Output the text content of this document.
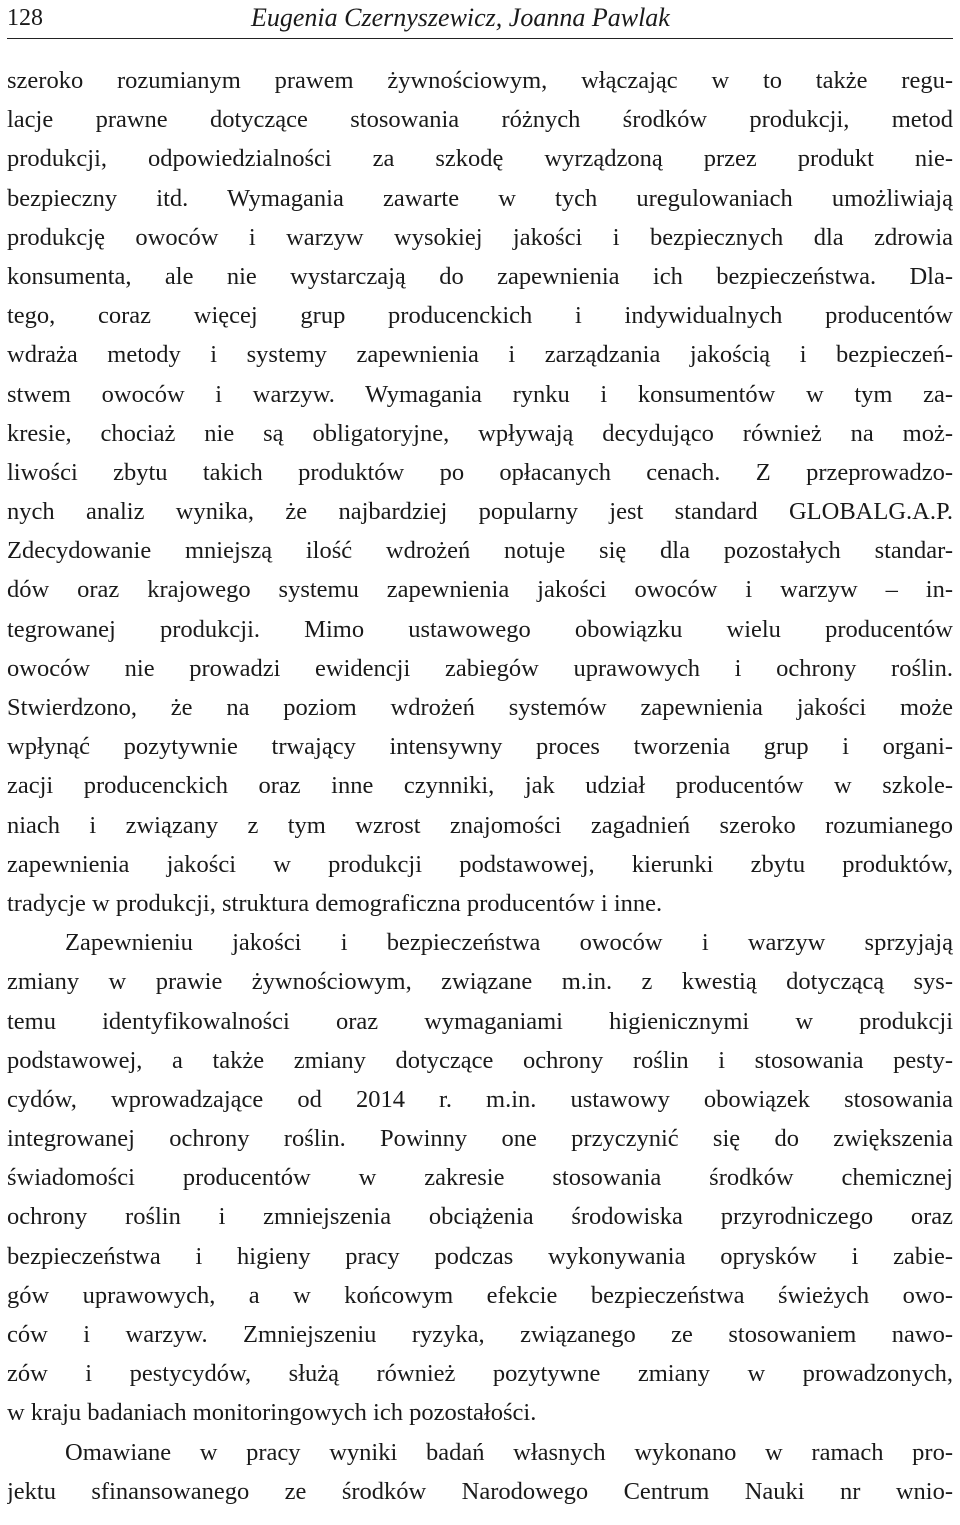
128	Eugenia Czernyszewicz, Joanna Pawlak
szeroko rozumianym prawem żywnościowym, włączając w to także regu-
lacje prawne dotyczące stosowania różnych środków produkcji, metod
produkcji, odpowiedzialności za szkodę wyrządzoną przez produkt nie-
bezpieczny itd. Wymagania zawarte w tych uregulowaniach umożliwiają
produkcję owoców i warzyw wysokiej jakości i bezpiecznych dla zdrowia
konsumenta, ale nie wystarczają do zapewnienia ich bezpieczeństwa. Dla-
tego, coraz więcej grup producenckich i indywidualnych producentów
wdraża metody i systemy zapewnienia i zarządzania jakością i bezpieczeń-
stwem owoców i warzyw. Wymagania rynku i konsumentów w tym za-
kresie, chociaż nie są obligatoryjne, wpływają decydująco również na moż-
liwości zbytu takich produktów po opłacanych cenach. Z przeprowadzo-
nych analiz wynika, że najbardziej popularny jest standard GLOBALG.A.P.
Zdecydowanie mniejszą ilość wdrożeń notuje się dla pozostałych standar-
dów oraz krajowego systemu zapewnienia jakości owoców i warzyw – in-
tegrowanej produkcji. Mimo ustawowego obowiązku wielu producentów
owoców nie prowadzi ewidencji zabiegów uprawowych i ochrony roślin.
Stwierdzono, że na poziom wdrożeń systemów zapewnienia jakości może
wpłynąć pozytywnie trwający intensywny proces tworzenia grup i organi-
zacji producenckich oraz inne czynniki, jak udział producentów w szkole-
niach i związany z tym wzrost znajomości zagadnień szeroko rozumianego
zapewnienia jakości w produkcji podstawowej, kierunki zbytu produktów,
tradycje w produkcji, struktura demograficzna producentów i inne.
Zapewnieniu jakości i bezpieczeństwa owoców i warzyw sprzyjają
zmiany w prawie żywnościowym, związane m.in. z kwestią dotyczącą sys-
temu identyfikowalności oraz wymaganiami higienicznymi w produkcji
podstawowej, a także zmiany dotyczące ochrony roślin i stosowania pesty-
cydów, wprowadzające od 2014 r. m.in. ustawowy obowiązek stosowania
integrowanej ochrony roślin. Powinny one przyczynić się do zwiększenia
świadomości producentów w zakresie stosowania środków chemicznej
ochrony roślin i zmniejszenia obciążenia środowiska przyrodniczego oraz
bezpieczeństwa i higieny pracy podczas wykonywania oprysków i zabie-
gów uprawowych, a w końcowym efekcie bezpieczeństwa świeżych owo-
ców i warzyw. Zmniejszeniu ryzyka, związanego ze stosowaniem nawo-
zów i pestycydów, służą również pozytywne zmiany w prowadzonych,
w kraju badaniach monitoringowych ich pozostałości.
Omawiane w pracy wyniki badań własnych wykonano w ramach pro-
jektu sfinansowanego ze środków Narodowego Centrum Nauki nr wnio-
